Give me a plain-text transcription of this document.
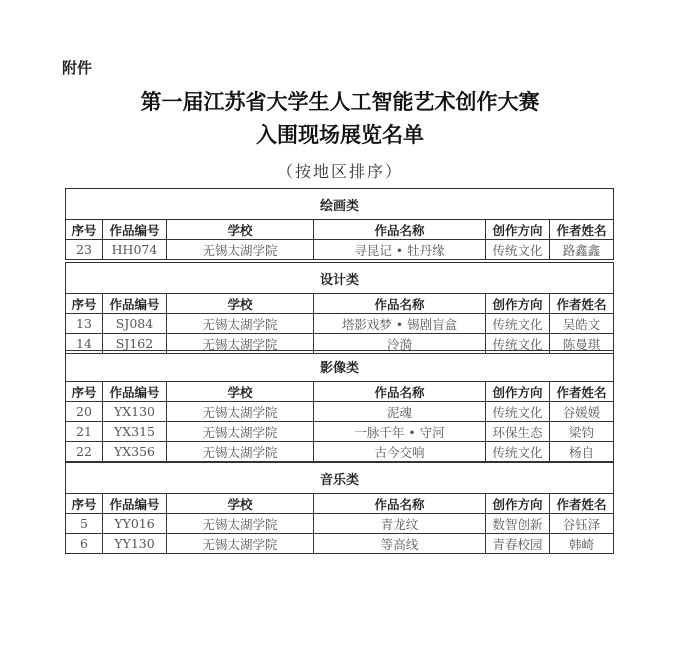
附件
第一届江苏省大学生人工智能艺术创作大赛
入围现场展览名单
（按地区排序）
绘画类					
序号	作品编号	学校	作品名称	创作方向	作者姓名
23	HH074	无锡太湖学院	寻昆记 • 牡丹缘	传统文化	路鑫鑫
设计类					
序号	作品编号	学校	作品名称	创作方向	作者姓名
13	SJ084	无锡太湖学院	塔影戏梦 • 锡剧盲盒	传统文化	吴皓文
14	SJ162	无锡太湖学院	泠漪	传统文化	陈曼琪
影像类					
序号	作品编号	学校	作品名称	创作方向	作者姓名
20	YX130	无锡太湖学院	泥魂	传统文化	谷媛媛
21	YX315	无锡太湖学院	一脉千年 • 守河	环保生态	梁钧
22	YX356	无锡太湖学院	古今交响	传统文化	杨自
音乐类					
序号	作品编号	学校	作品名称	创作方向	作者姓名
5	YY016	无锡太湖学院	青龙纹	数智创新	谷钰泽
6	YY130	无锡太湖学院	等高线	青春校园	韩崎
